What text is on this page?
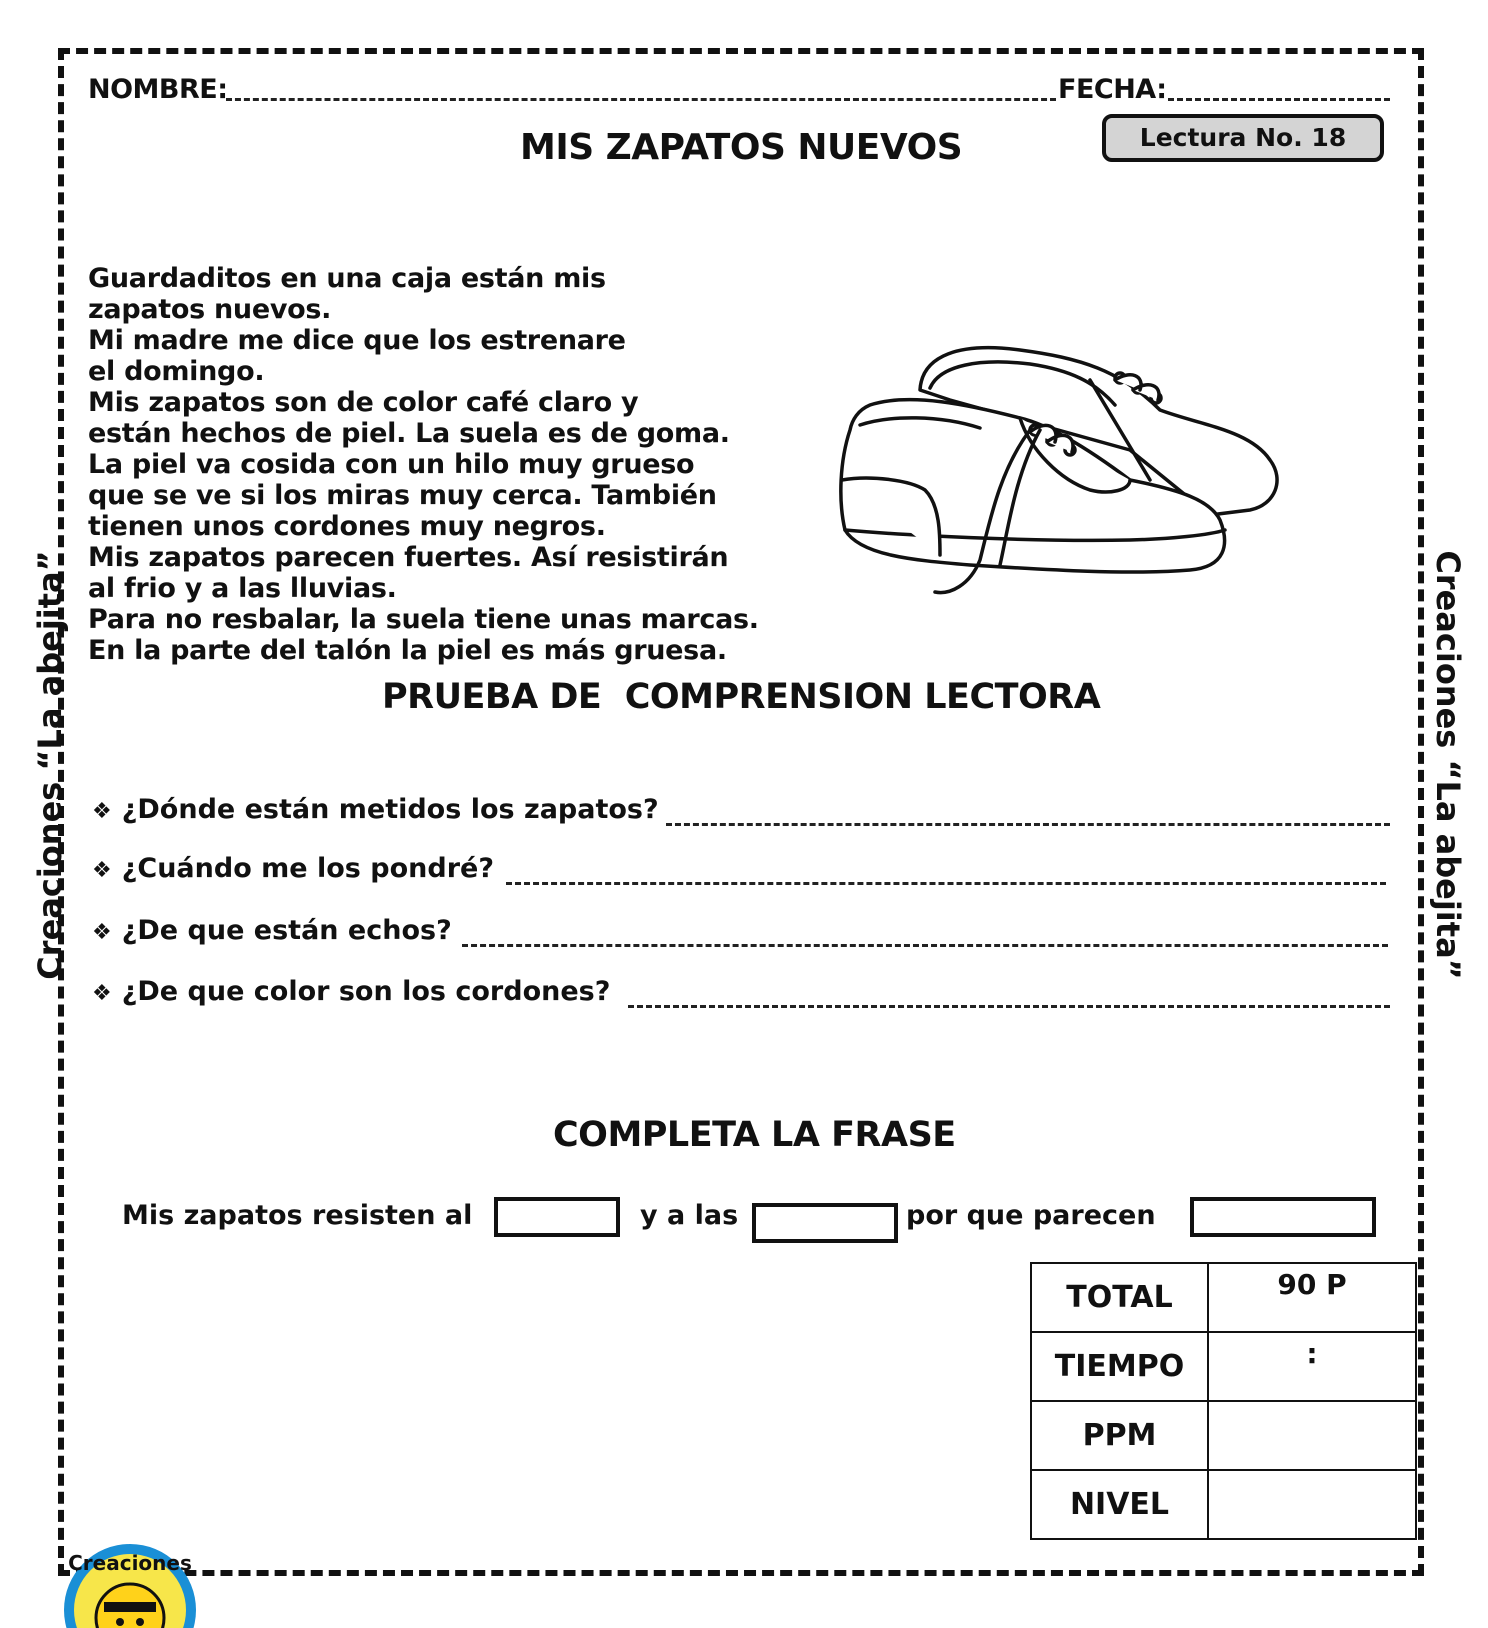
Creaciones “La abejita”	Creaciones “La abejita”
NOMBRE:	FECHA:
Lectura No. 18
MIS ZAPATOS NUEVOS
Guardaditos en una caja están mis
zapatos nuevos.
Mi madre me dice que los estrenare
el domingo.
Mis zapatos son de color café claro y
están hechos de piel. La suela es de goma.
La piel va cosida con un hilo muy grueso
que se ve si los miras muy cerca. También
tienen unos cordones muy negros.
Mis zapatos parecen fuertes. Así resistirán
al frio y a las lluvias.
Para no resbalar, la suela tiene unas marcas.
En la parte del talón la piel es más gruesa.
PRUEBA DE  COMPRENSION LECTORA
❖ ¿Dónde están metidos los zapatos?
❖ ¿Cuándo me los pondré?
❖ ¿De que están echos?
❖ ¿De que color son los cordones?
COMPLETA LA FRASE
Mis zapatos resisten al	y a las	por que parecen
TOTAL	90 P
TIEMPO	:
PPM	
NIVEL	
Creaciones
